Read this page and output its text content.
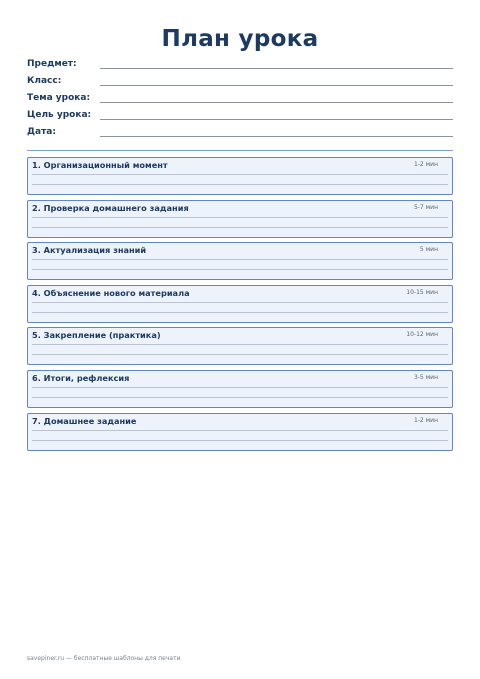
План урока
Предмет:
Класс:
Тема урока:
Цель урока:
Дата:
1. Организационный момент	1-2 мин
2. Проверка домашнего задания	5-7 мин
3. Актуализация знаний	5 мин
4. Объяснение нового материала	10-15 мин
5. Закрепление (практика)	10-12 мин
6. Итоги, рефлексия	3-5 мин
7. Домашнее задание	1-2 мин
savepiner.ru — бесплатные шаблоны для печати
